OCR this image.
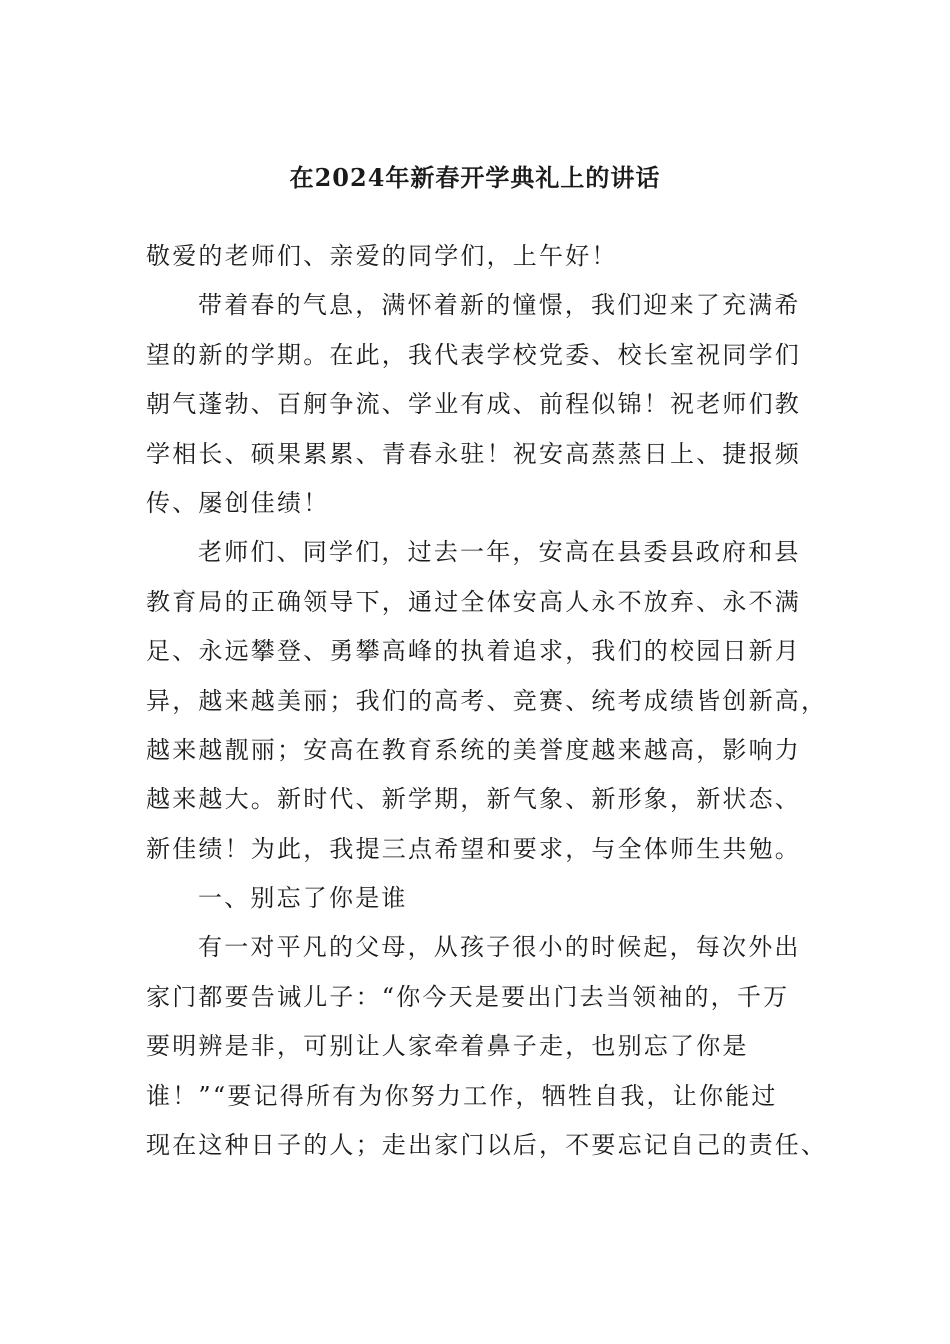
在2024年新春开学典礼上的讲话
敬爱的老师们、亲爱的同学们，上午好！
带着春的气息，满怀着新的憧憬，我们迎来了充满希
望的新的学期。在此，我代表学校党委、校长室祝同学们
朝气蓬勃、百舸争流、学业有成、前程似锦！祝老师们教
学相长、硕果累累、青春永驻！祝安高蒸蒸日上、捷报频
传、屡创佳绩！
老师们、同学们，过去一年，安高在县委县政府和县
教育局的正确领导下，通过全体安高人永不放弃、永不满
足、永远攀登、勇攀高峰的执着追求，我们的校园日新月
异，越来越美丽；我们的高考、竞赛、统考成绩皆创新高，
越来越靓丽；安高在教育系统的美誉度越来越高，影响力
越来越大。新时代、新学期，新气象、新形象，新状态、
新佳绩！为此，我提三点希望和要求，与全体师生共勉。
一、别忘了你是谁
有一对平凡的父母，从孩子很小的时候起，每次外出
家门都要告诫儿子：“你今天是要出门去当领袖的，千万
要明辨是非，可别让人家牵着鼻子走，也别忘了你是
谁！”“要记得所有为你努力工作，牺牲自我，让你能过
现在这种日子的人；走出家门以后，不要忘记自己的责任、
